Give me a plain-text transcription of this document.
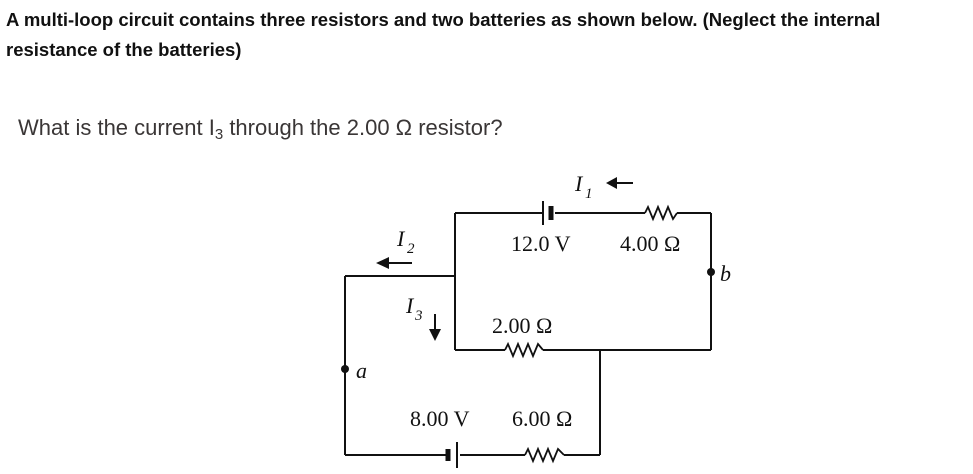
A multi-loop circuit contains three resistors and two batteries as shown below. (Neglect the internal resistance of the batteries)

What is the current $I_3$ through the 2.00 Ω resistor?

I 1
I 2
I 3
12.0 V 4.00 Ω
2.00 Ω
8.00 V 6.00 Ω
a
b
